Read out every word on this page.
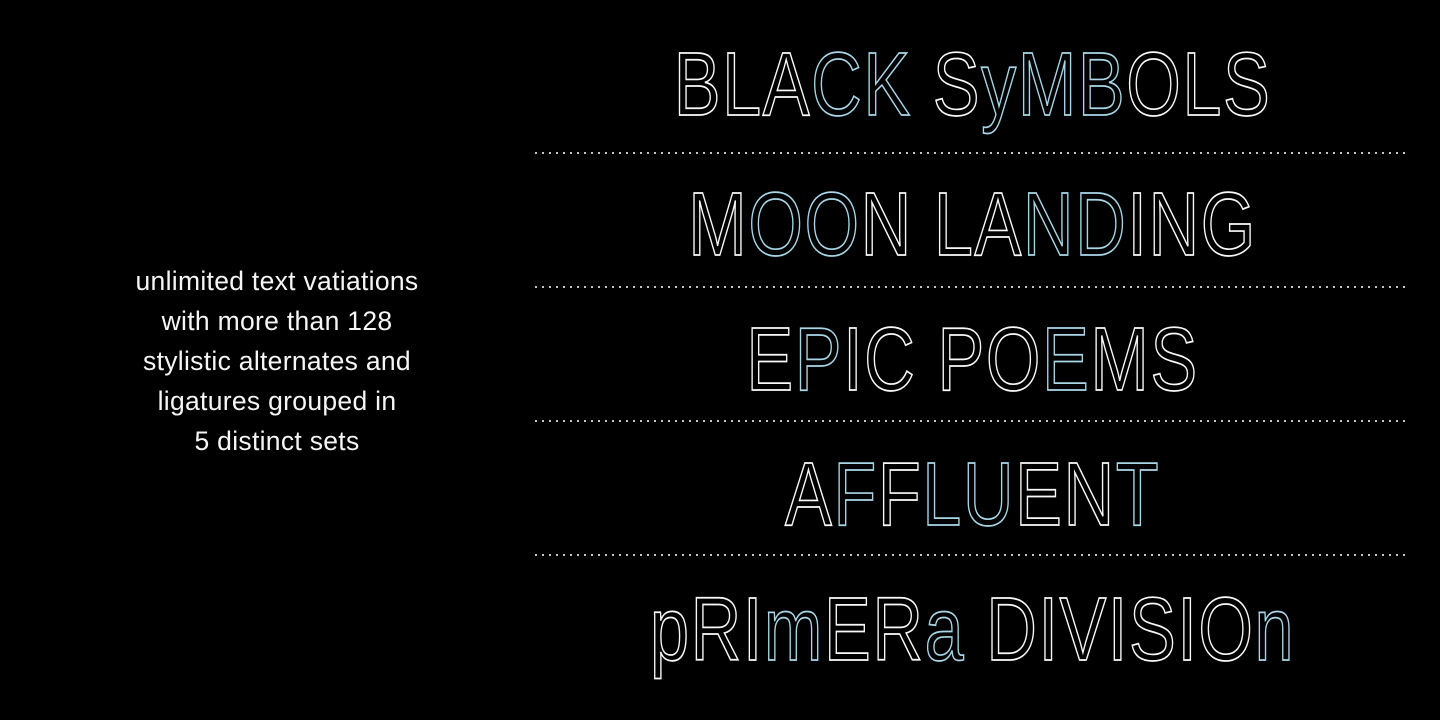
unlimited text vatiations
with more than 128
stylistic alternates and
ligatures grouped in
5 distinct sets
BLACK SyMBOLS
MOON LANDING
EPIC POEMS
AFFLUENT
pRImERa DIVISIOn
